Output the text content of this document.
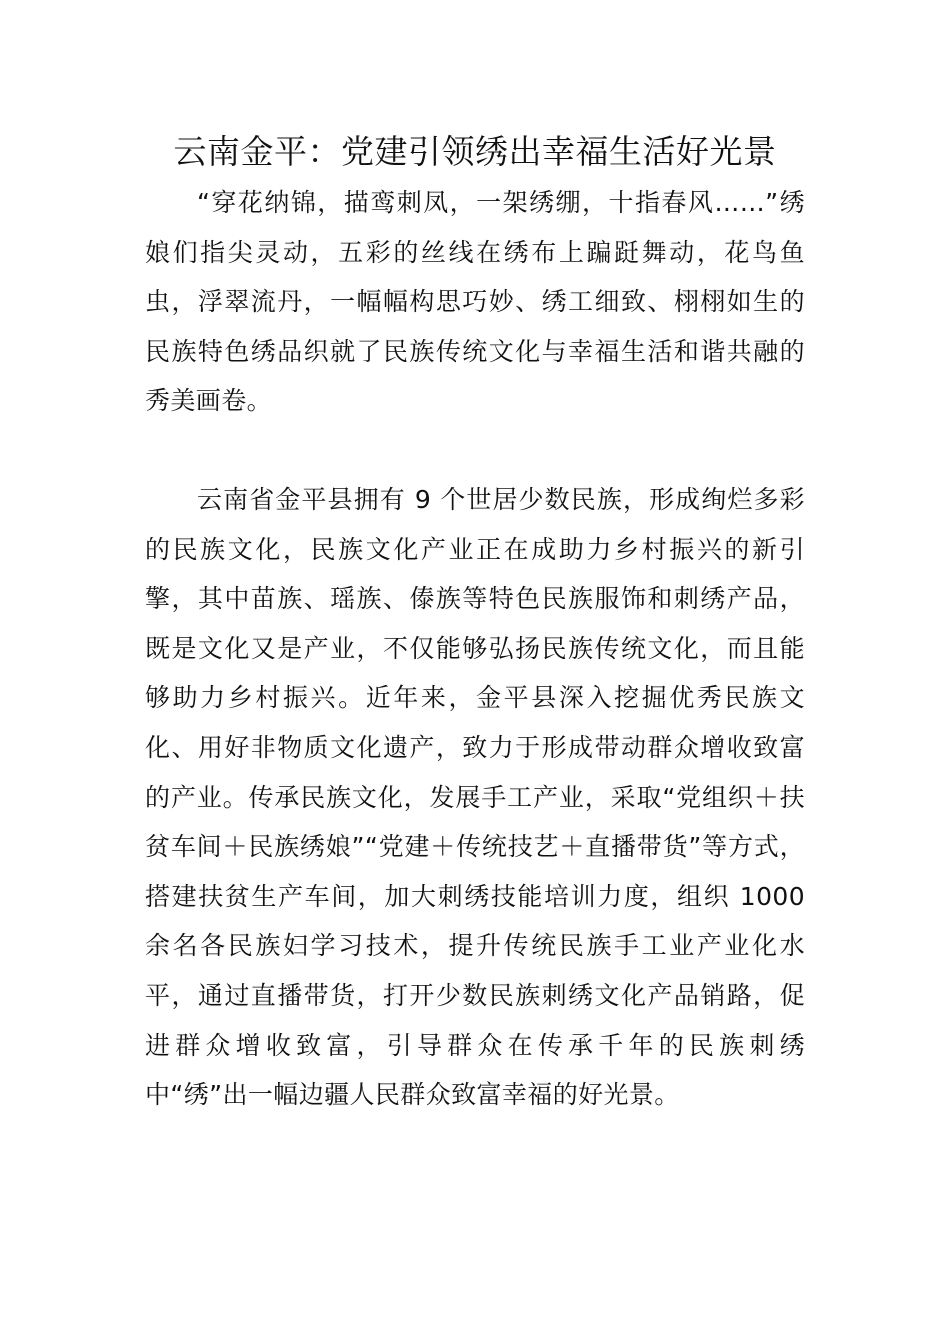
云南金平：党建引领绣出幸福生活好光景

“穿花纳锦，描鸾刺凤，一架绣绷，十指春风……”绣娘们指尖灵动，五彩的丝线在绣布上蹁跹舞动，花鸟鱼虫，浮翠流丹，一幅幅构思巧妙、绣工细致、栩栩如生的民族特色绣品织就了民族传统文化与幸福生活和谐共融的秀美画卷。

云南省金平县拥有 9 个世居少数民族，形成绚烂多彩的民族文化，民族文化产业正在成助力乡村振兴的新引擎，其中苗族、瑶族、傣族等特色民族服饰和刺绣产品，既是文化又是产业，不仅能够弘扬民族传统文化，而且能够助力乡村振兴。近年来，金平县深入挖掘优秀民族文化、用好非物质文化遗产，致力于形成带动群众增收致富的产业。传承民族文化，发展手工产业，采取“党组织＋扶贫车间＋民族绣娘”“党建＋传统技艺＋直播带货”等方式，搭建扶贫生产车间，加大刺绣技能培训力度，组织 1000 余名各民族妇学习技术，提升传统民族手工业产业化水平，通过直播带货，打开少数民族刺绣文化产品销路，促进群众增收致富，引导群众在传承千年的民族刺绣中“绣”出一幅边疆人民群众致富幸福的好光景。
